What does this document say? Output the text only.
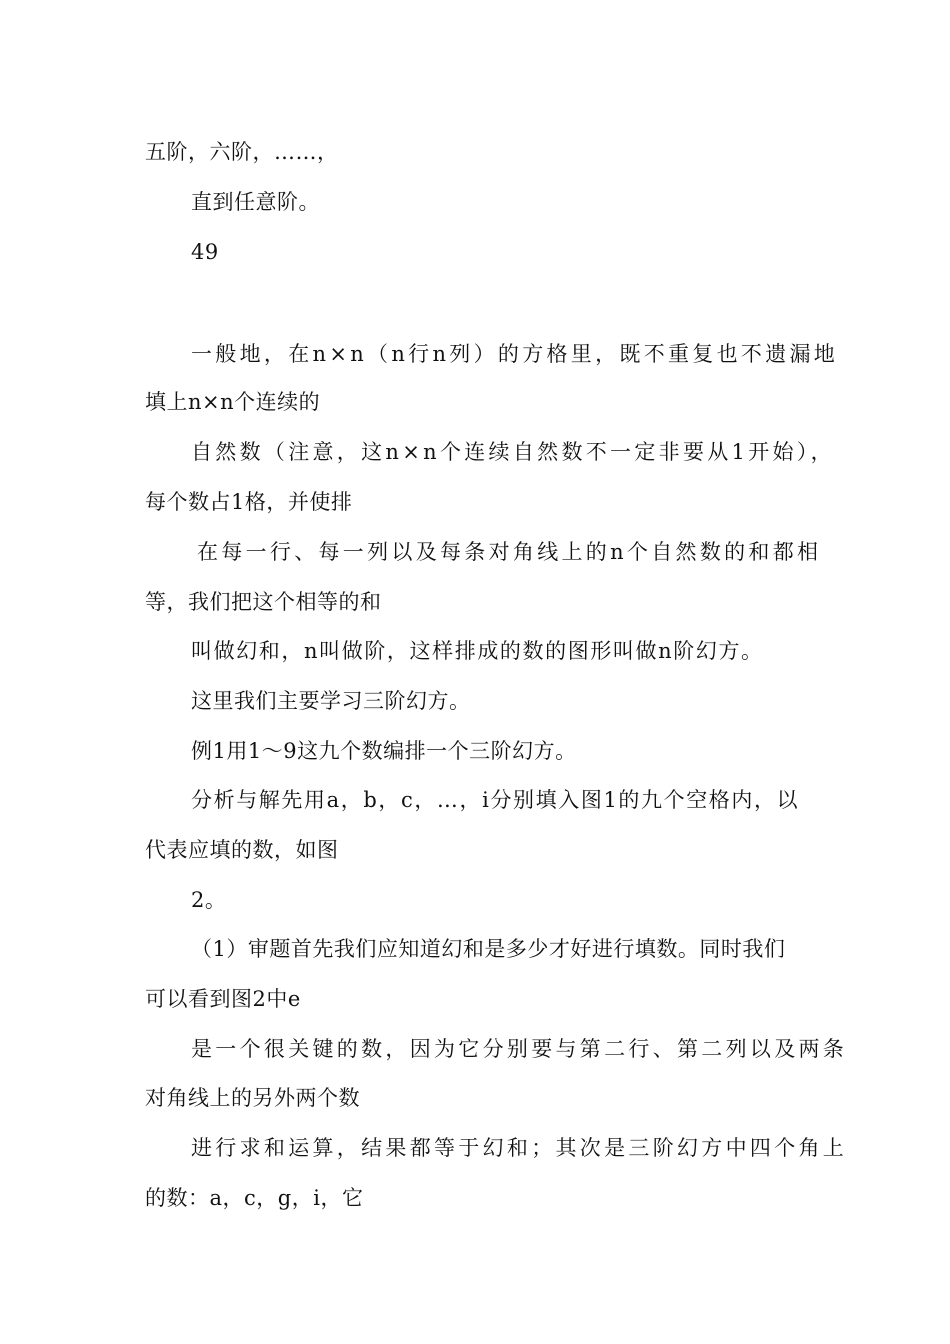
五阶，六阶，……，
直到任意阶。
49
一般地，在n×n（n行n列）的方格里，既不重复也不遗漏地
填上n×n个连续的
自然数（注意，这n×n个连续自然数不一定非要从1开始），
每个数占1格，并使排
在每一行、每一列以及每条对角线上的n个自然数的和都相
等，我们把这个相等的和
叫做幻和，n叫做阶，这样排成的数的图形叫做n阶幻方。
这里我们主要学习三阶幻方。
例1用1～9这九个数编排一个三阶幻方。
分析与解先用a，b，c，…，i分别填入图1的九个空格内，以
代表应填的数，如图
2。
（1）审题首先我们应知道幻和是多少才好进行填数。同时我们
可以看到图2中e
是一个很关键的数，因为它分别要与第二行、第二列以及两条
对角线上的另外两个数
进行求和运算，结果都等于幻和；其次是三阶幻方中四个角上
的数：a，c，g，i，它
